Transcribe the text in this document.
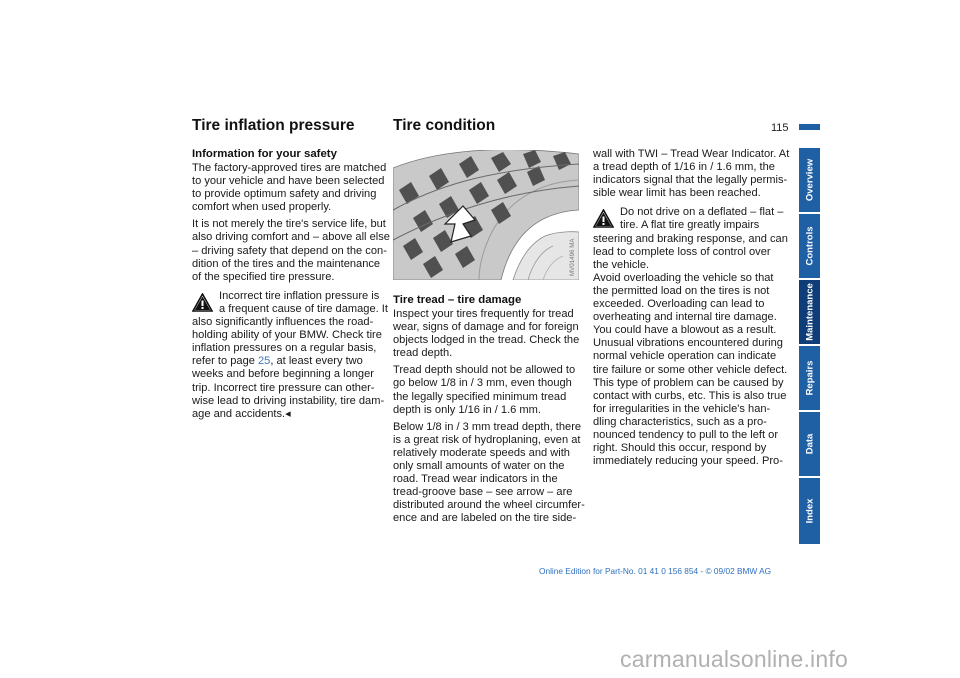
Tire inflation pressure Tire condition	115
Information for your safety
The factory-approved tires are matched
to your vehicle and have been selected
to provide optimum safety and driving
comfort when used properly.
It is not merely the tire's service life, but
also driving comfort and – above all else
– driving safety that depend on the con-
dition of the tires and the maintenance
of the specified tire pressure.
Incorrect tire inflation pressure is
a frequent cause of tire damage. It
also significantly influences the road-
holding ability of your BMW. Check tire
inflation pressures on a regular basis,
refer to page 25, at least every two
weeks and before beginning a longer
trip. Incorrect tire pressure can other-
wise lead to driving instability, tire dam-
age and accidents.◂
MV01496 MA
Tire tread – tire damage
Inspect your tires frequently for tread
wear, signs of damage and for foreign
objects lodged in the tread. Check the
tread depth.
Tread depth should not be allowed to
go below 1/8 in / 3 mm, even though
the legally specified minimum tread
depth is only 1/16 in / 1.6 mm.
Below 1/8 in / 3 mm tread depth, there
is a great risk of hydroplaning, even at
relatively moderate speeds and with
only small amounts of water on the
road. Tread wear indicators in the
tread-groove base – see arrow – are
distributed around the wheel circumfer-
ence and are labeled on the tire side-
wall with TWI – Tread Wear Indicator. At
a tread depth of 1/16 in / 1.6 mm, the
indicators signal that the legally permis-
sible wear limit has been reached.
Do not drive on a deflated – flat –
tire. A flat tire greatly impairs
steering and braking response, and can
lead to complete loss of control over
the vehicle.
Avoid overloading the vehicle so that
the permitted load on the tires is not
exceeded. Overloading can lead to
overheating and internal tire damage.
You could have a blowout as a result.
Unusual vibrations encountered during
normal vehicle operation can indicate
tire failure or some other vehicle defect.
This type of problem can be caused by
contact with curbs, etc. This is also true
for irregularities in the vehicle's han-
dling characteristics, such as a pro-
nounced tendency to pull to the left or
right. Should this occur, respond by
immediately reducing your speed. Pro-
Overview
Controls
Maintenance
Repairs
Data
Index
Online Edition for Part-No. 01 41 0 156 854 - © 09/02 BMW AG
carmanualsonline.info
